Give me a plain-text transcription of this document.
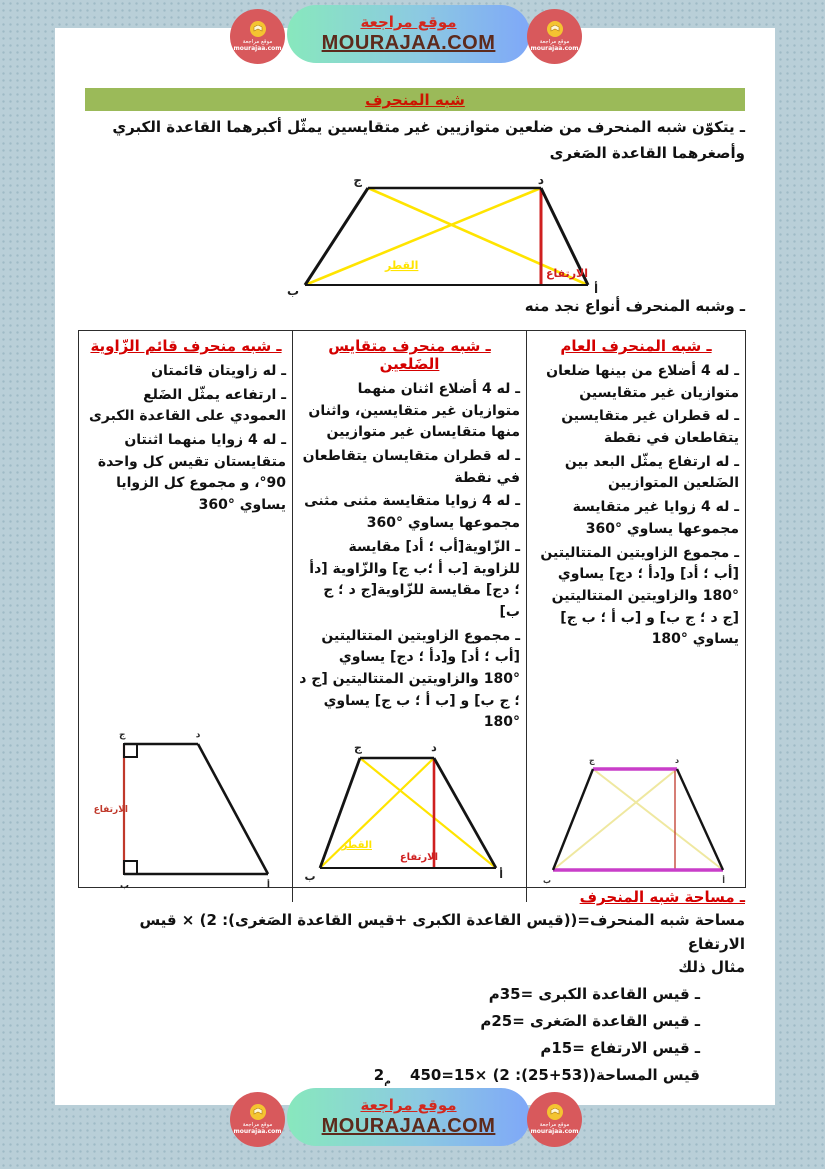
موقع مراجعة
mourajaa.com
موقع مراجعة
MOURAJAA.COM	موقع مراجعة
mourajaa.com
شبه المنحرف

ـ يتكوّن شبه المنحرف من ضلعين متوازيين غير متقايسين يمثّل أكبرهما القاعدة الكبري وأصغرهما القاعدة الصَغرى

ج	د
ب	أ
القطر
الارتفاع

ـ وشبه المنحرف أنواع نجد منه

ـ شبه المنحرف العام
ـ له 4 أضلاع من بينها ضلعان متوازيان غير متقايسين
ـ له قطران غير متقايسين يتقاطعان في نقطة
ـ له ارتفاع يمثّل البعد بين الضَلعين المتوازيين
ـ له 4 زوايا غير متقايسة مجموعها يساوي °360
ـ مجموع الزاويتين المتتاليتين [أب ؛ أد] و[دأ ؛ دج] يساوي °180 والزاويتين المتتاليتين [ج د ؛ ج ب] و [ب أ ؛ ب ج] يساوي °180
ج	د
ب	أ
ـ شبه منحرف متقايس الضَلعين
ـ له 4 أضلاع اثنان منهما متوازيان غير متقايسين، واثنان منها متقايسان غير متوازيين
ـ له قطران متقايسان يتقاطعان في نقطة
ـ له 4 زوايا متقايسة مثنى مثنى مجموعها يساوي °360
ـ الزّاوية[أب ؛ أد] مقايسة للزاوية [ب أ ؛ب ج] والزّاوية [دأ ؛ دج] مقايسة للزّاوية[ج د ؛ ج ب]
ـ مجموع الزاويتين المتتاليتين [أب ؛ أد] و[دأ ؛ دج] يساوي °180 والزاويتين المتتاليتين [ج د ؛ ج ب] و [ب أ ؛ ب ج] يساوي °180
ج	د
ب	أ
القطر
الارتفاع
ـ شبه منحرف قائم الزّاوية
ـ له زاويتان قائمتان
ـ ارتفاعه يمثّل الضَلع العمودي على القاعدة الكبرى
ـ له 4 زوايا منهما اثنتان متقايستان تقيس كل واحدة 90°، و مجموع كل الزوايا يساوي °360
الارتفاع
ج	د
ب	أ
ـ مساحة شبه المنحرف
مساحة شبه المنحرف=((قيس القاعدة الكبرى +قيس القاعدة الصَغرى): 2) × قيس الارتفاع
مثال ذلك
ـ قيس القاعدة الكبرى =35م
ـ قيس القاعدة الصَغرى =25م
ـ قيس الارتفاع =15م
قيس المساحة450=15× (2 :(25+53)) $2_م$
موقع مراجعة
mourajaa.com
موقع مراجعة
MOURAJAA.COM	موقع مراجعة
mourajaa.com
